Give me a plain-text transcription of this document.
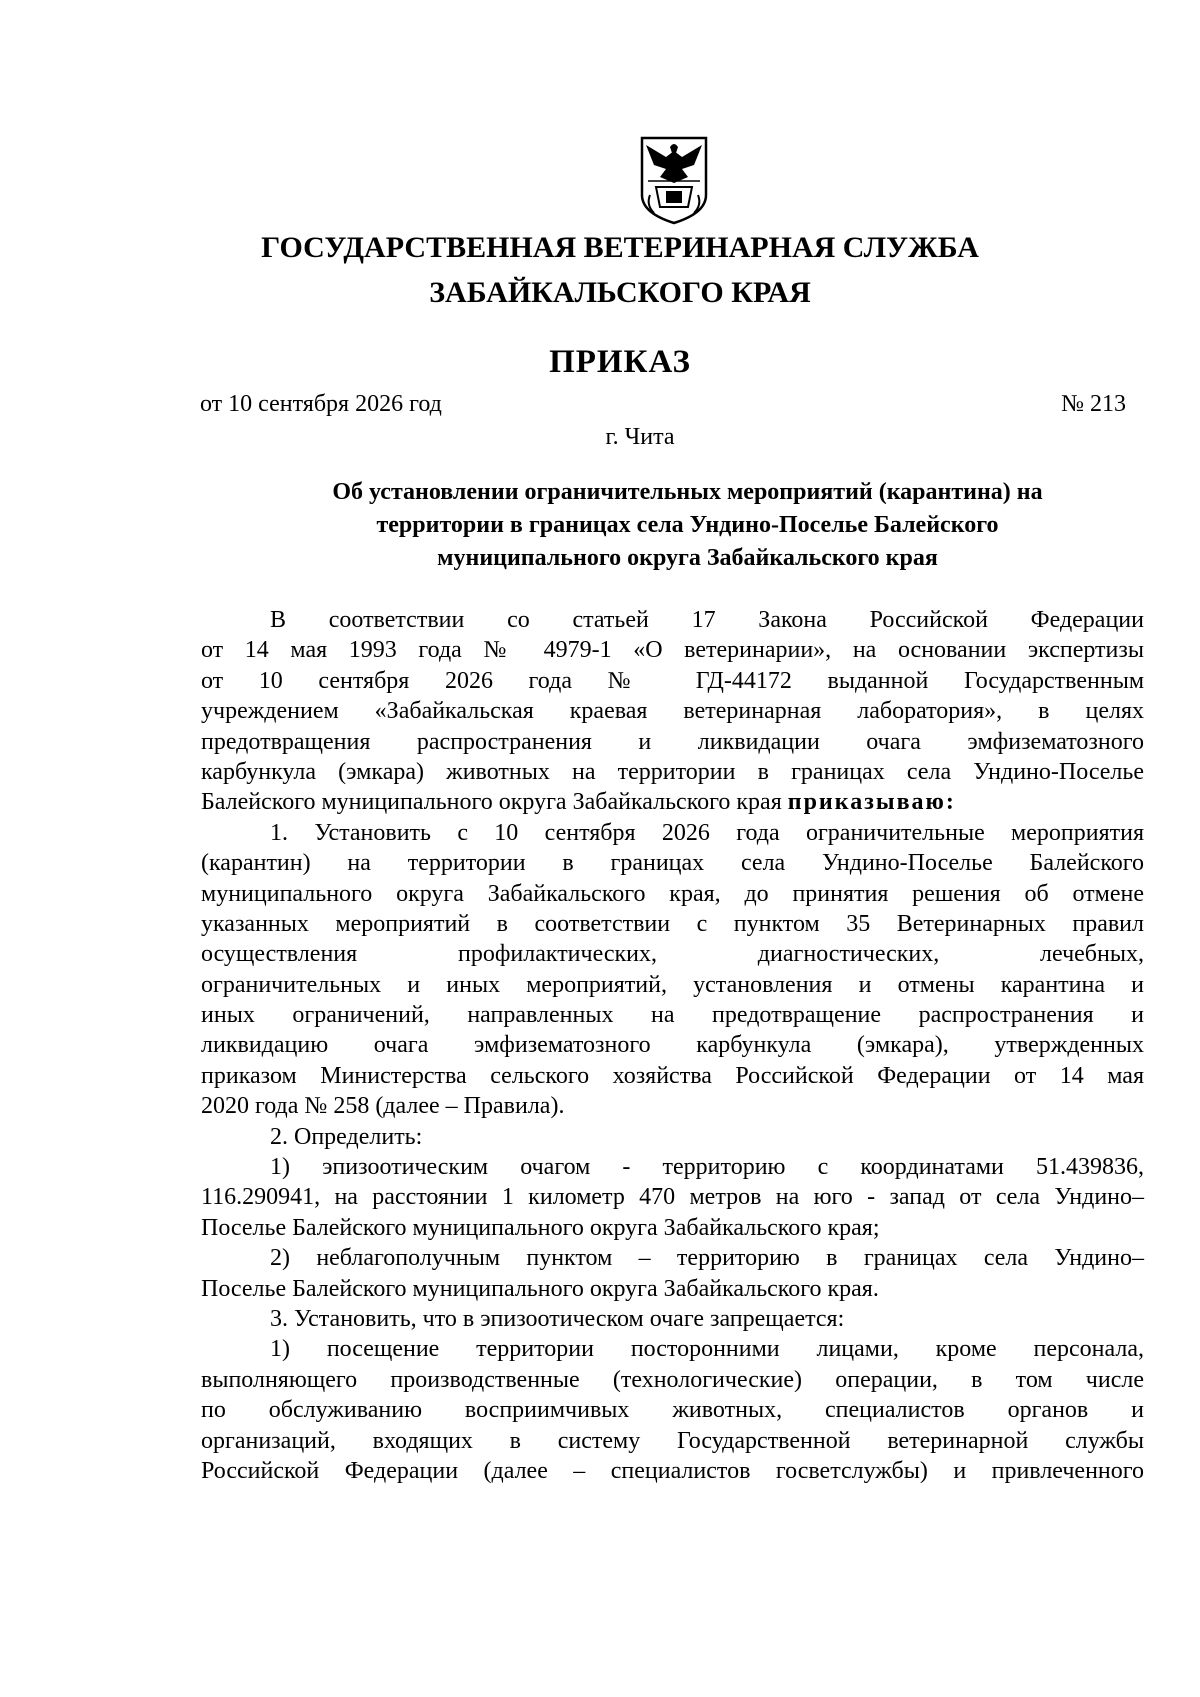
ГОСУДАРСТВЕННАЯ ВЕТЕРИНАРНАЯ СЛУЖБА
ЗАБАЙКАЛЬСКОГО КРАЯ
ПРИКАЗ
от 10 сентября 2026 год	№ 213
г. Чита
Об установлении ограничительных мероприятий (карантина) на
территории в границах села Ундино-Поселье Балейского
муниципального округа Забайкальского края
В соответствии со статьей 17 Закона Российской Федерации
от 14 мая 1993 года № 4979-1 «О ветеринарии», на основании экспертизы
от 10 сентября 2026 года № ГД-44172 выданной Государственным
учреждением «Забайкальская краевая ветеринарная лаборатория», в целях
предотвращения распространения и ликвидации очага эмфизематозного
карбункула (эмкара) животных на территории в границах села Ундино-Поселье
Балейского муниципального округа Забайкальского края приказываю:
1. Установить с 10 сентября 2026 года ограничительные мероприятия
(карантин) на территории в границах села Ундино-Поселье Балейского
муниципального округа Забайкальского края, до принятия решения об отмене
указанных мероприятий в соответствии с пунктом 35 Ветеринарных правил
осуществления профилактических, диагностических, лечебных,
ограничительных и иных мероприятий, установления и отмены карантина и
иных ограничений, направленных на предотвращение распространения и
ликвидацию очага эмфизематозного карбункула (эмкара), утвержденных
приказом Министерства сельского хозяйства Российской Федерации от 14 мая
2020 года № 258 (далее – Правила).
2. Определить:
1) эпизоотическим очагом - территорию с координатами 51.439836,
116.290941, на расстоянии 1 километр 470 метров на юго - запад от села Ундино–
Поселье Балейского муниципального округа Забайкальского края;
2) неблагополучным пунктом – территорию в границах села Ундино–
Поселье Балейского муниципального округа Забайкальского края.
3. Установить, что в эпизоотическом очаге запрещается:
1) посещение территории посторонними лицами, кроме персонала,
выполняющего производственные (технологические) операции, в том числе
по обслуживанию восприимчивых животных, специалистов органов и
организаций, входящих в систему Государственной ветеринарной службы
Российской Федерации (далее – специалистов госветслужбы) и привлеченного
